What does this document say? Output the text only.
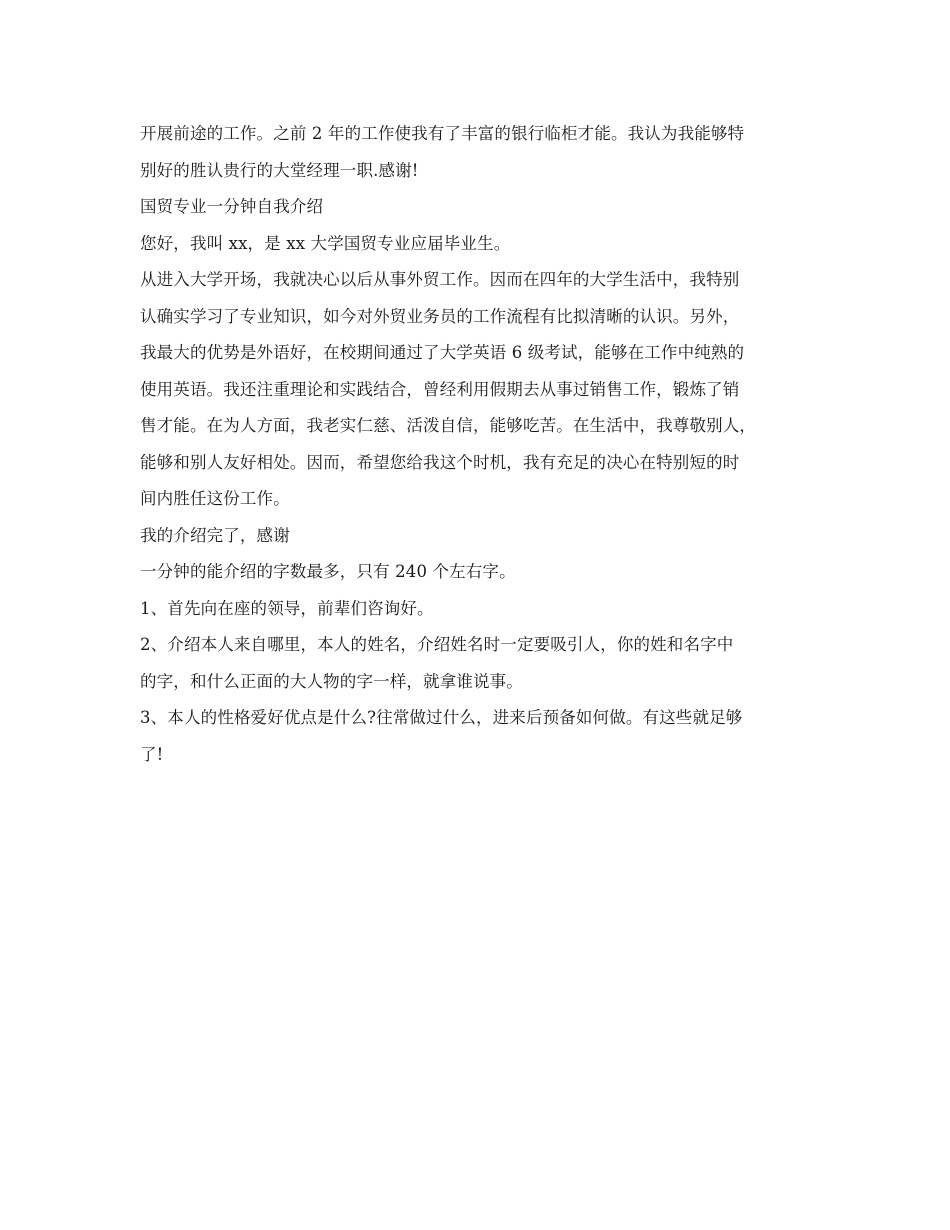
开展前途的工作。之前 2 年的工作使我有了丰富的银行临柜才能。我认为我能够特
别好的胜认贵行的大堂经理一职.感谢!
国贸专业一分钟自我介绍
您好，我叫 xx，是 xx 大学国贸专业应届毕业生。
从进入大学开场，我就决心以后从事外贸工作。因而在四年的大学生活中，我特别
认确实学习了专业知识，如今对外贸业务员的工作流程有比拟清晰的认识。另外，
我最大的优势是外语好，在校期间通过了大学英语 6 级考试，能够在工作中纯熟的
使用英语。我还注重理论和实践结合，曾经利用假期去从事过销售工作，锻炼了销
售才能。在为人方面，我老实仁慈、活泼自信，能够吃苦。在生活中，我尊敬别人，
能够和别人友好相处。因而，希望您给我这个时机，我有充足的决心在特别短的时
间内胜任这份工作。
我的介绍完了，感谢
一分钟的能介绍的字数最多，只有 240 个左右字。
1、首先向在座的领导，前辈们咨询好。
2、介绍本人来自哪里，本人的姓名，介绍姓名时一定要吸引人，你的姓和名字中
的字，和什么正面的大人物的字一样，就拿谁说事。
3、本人的性格爱好优点是什么?往常做过什么，进来后预备如何做。有这些就足够
了!
